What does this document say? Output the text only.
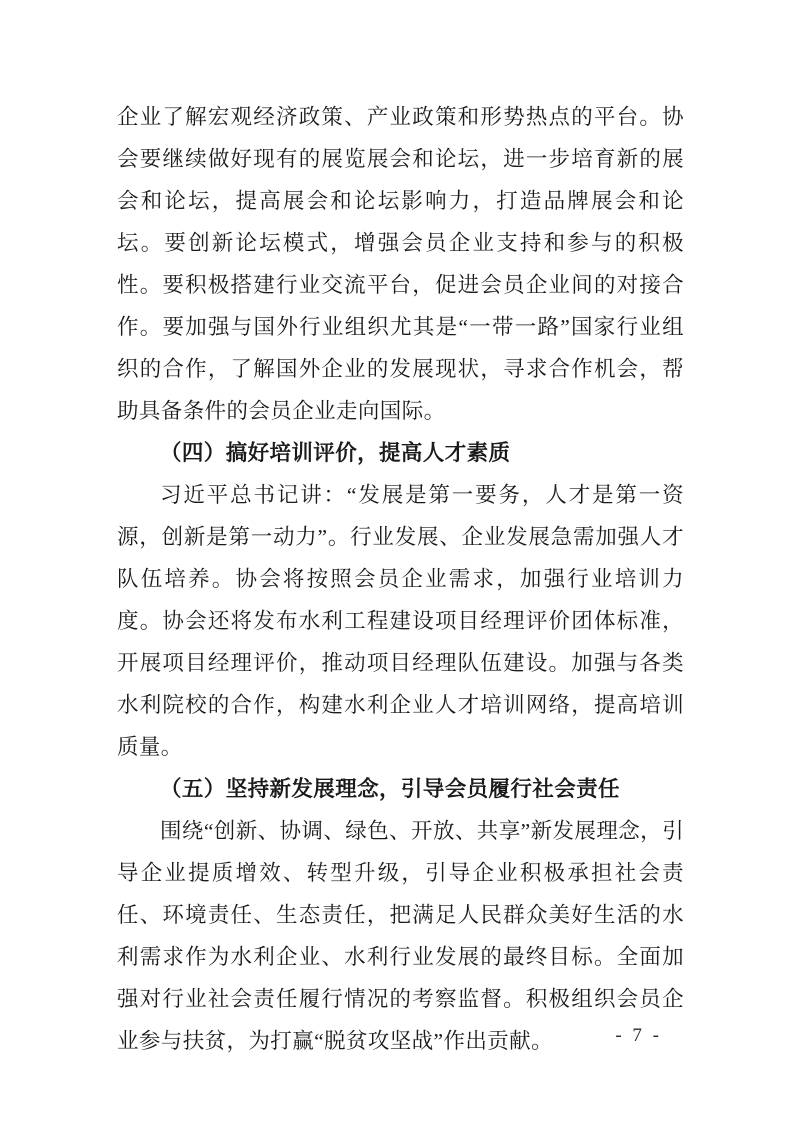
企业了解宏观经济政策、产业政策和形势热点的平台。协会要继续做好现有的展览展会和论坛，进一步培育新的展会和论坛，提高展会和论坛影响力，打造品牌展会和论坛。要创新论坛模式，增强会员企业支持和参与的积极性。要积极搭建行业交流平台，促进会员企业间的对接合作。要加强与国外行业组织尤其是“一带一路”国家行业组织的合作，了解国外企业的发展现状，寻求合作机会，帮助具备条件的会员企业走向国际。

（四）搞好培训评价，提高人才素质

习近平总书记讲：“发展是第一要务，人才是第一资源，创新是第一动力”。行业发展、企业发展急需加强人才队伍培养。协会将按照会员企业需求，加强行业培训力度。协会还将发布水利工程建设项目经理评价团体标准，开展项目经理评价，推动项目经理队伍建设。加强与各类水利院校的合作，构建水利企业人才培训网络，提高培训质量。

（五）坚持新发展理念，引导会员履行社会责任

围绕“创新、协调、绿色、开放、共享”新发展理念，引导企业提质增效、转型升级，引导企业积极承担社会责任、环境责任、生态责任，把满足人民群众美好生活的水利需求作为水利企业、水利行业发展的最终目标。全面加强对行业社会责任履行情况的考察监督。积极组织会员企业参与扶贫，为打赢“脱贫攻坚战”作出贡献。	- 7 -
